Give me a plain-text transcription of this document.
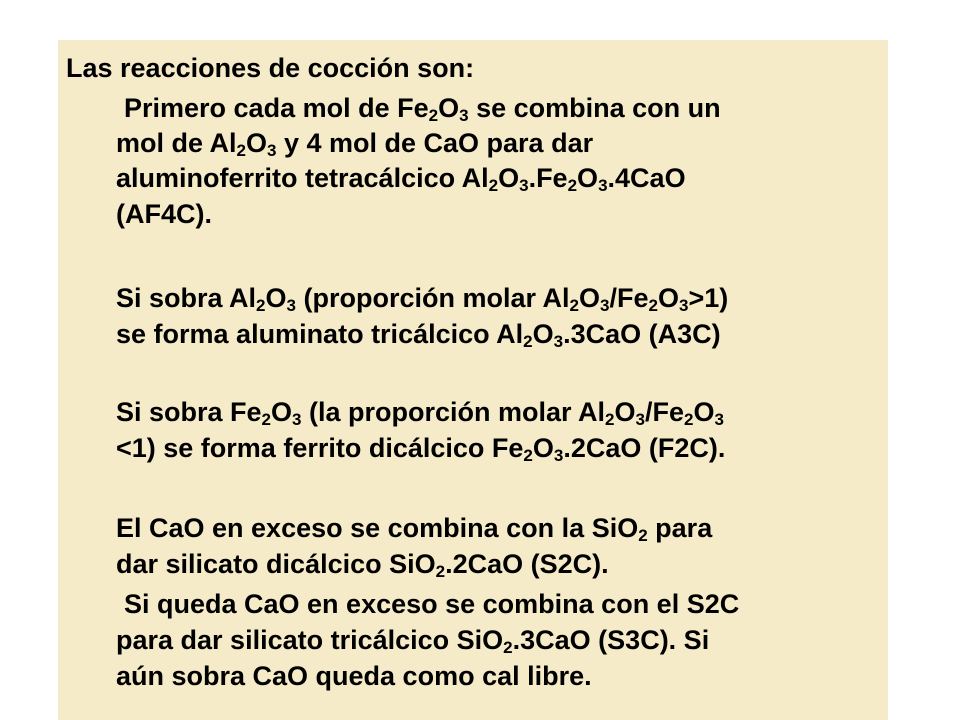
Las reacciones de cocción son:
Primero cada mol de $Fe_2O_3$ se combina con un
mol de $Al_2O_3$ y 4 mol de CaO para dar
aluminoferrito tetracálcico $Al_2O_3.Fe_2O_3.4CaO$
(AF4C).
Si sobra $Al_2O_3$ (proporción molar $Al_2O_3/Fe_2O_3>1$)
se forma aluminato tricálcico $Al_2O_3.3CaO$ (A3C)
Si sobra $Fe_2O_3$ (la proporción molar $Al_2O_3/Fe_2O_3$
<1) se forma ferrito dicálcico $Fe_2O_3.2CaO$ (F2C).
El CaO en exceso se combina con la SiO$_2$ para
dar silicato dicálcico SiO$_2$.2CaO (S2C).
Si queda CaO en exceso se combina con el S2C
para dar silicato tricálcico SiO$_2$.3CaO (S3C). Si
aún sobra CaO queda como cal libre.
